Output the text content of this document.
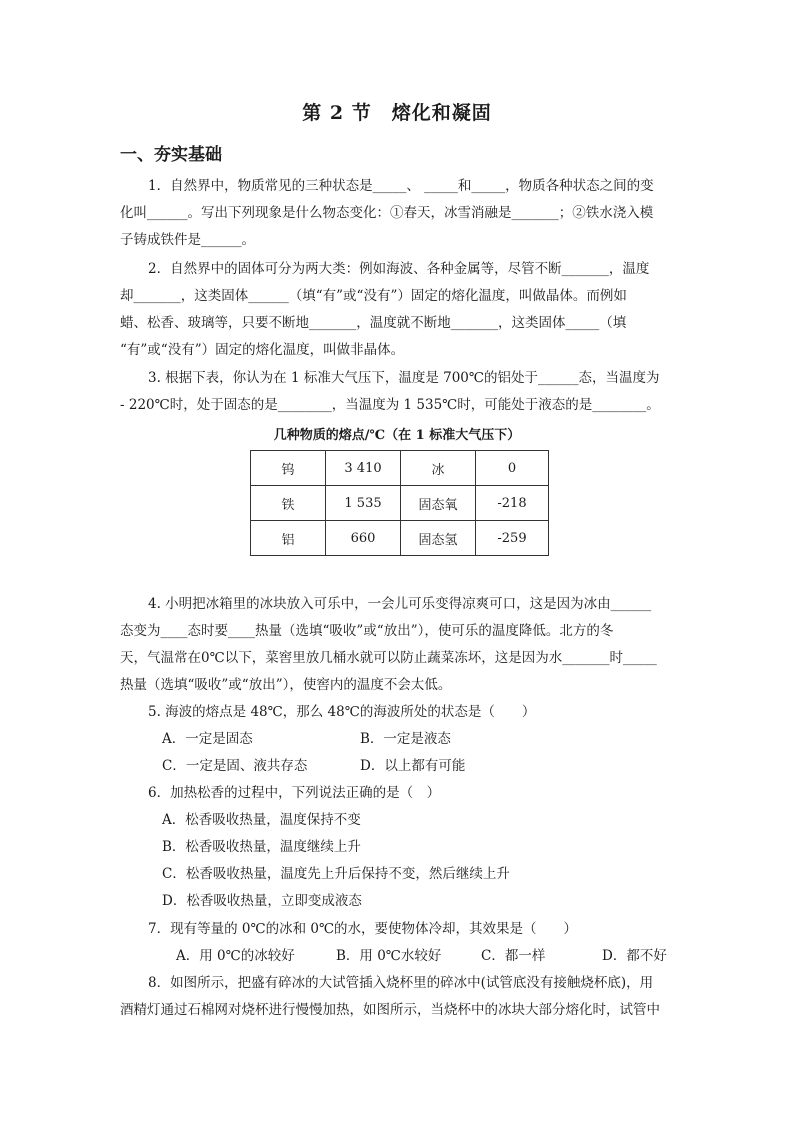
第 2 节　熔化和凝固
一、夯实基础
1．自然界中，物质常见的三种状态是_____、 _____和_____，物质各种状态之间的变
化叫______。写出下列现象是什么物态变化：①春天，冰雪消融是_______；②铁水浇入模
子铸成铁件是______。
2．自然界中的固体可分为两大类：例如海波、各种金属等，尽管不断_______，温度
却_______，这类固体______（填“有”或“没有”）固定的熔化温度，叫做晶体。而例如
蜡、松香、玻璃等，只要不断地_______，温度就不断地_______，这类固体_____（填
“有”或“没有”）固定的熔化温度，叫做非晶体。
3. 根据下表，你认为在 1 标准大气压下，温度是 700℃的铝处于______态，当温度为
- 220℃时，处于固态的是________，当温度为 1 535℃时，可能处于液态的是________。
几种物质的熔点/℃（在 1 标准大气压下）
钨	3 410	冰	0
铁	1 535	固态氧	-218
铝	660	固态氢	-259
4. 小明把冰箱里的冰块放入可乐中，一会儿可乐变得凉爽可口，这是因为冰由______
态变为____态时要____热量（选填“吸收”或“放出”），使可乐的温度降低。北方的冬
天，气温常在0℃以下，菜窖里放几桶水就可以防止蔬菜冻坏，这是因为水_______时_____
热量（选填“吸收”或“放出”），使窖内的温度不会太低。
5. 海波的熔点是 48℃，那么 48℃的海波所处的状态是（　　）
A．一定是固态	B．一定是液态
C．一定是固、液共存态	D．以上都有可能
6．加热松香的过程中，下列说法正确的是（　）
A．松香吸收热量，温度保持不变
B．松香吸收热量，温度继续上升
C．松香吸收热量，温度先上升后保持不变，然后继续上升
D．松香吸收热量，立即变成液态
7．现有等量的 0℃的冰和 0℃的水，要使物体冷却，其效果是（　　）
A．用 0℃的冰较好	B．用 0℃水较好	C．都一样	D．都不好
8．如图所示，把盛有碎冰的大试管插入烧杯里的碎冰中(试管底没有接触烧杯底)，用
酒精灯通过石棉网对烧杯进行慢慢加热，如图所示，当烧杯中的冰块大部分熔化时，试管中
